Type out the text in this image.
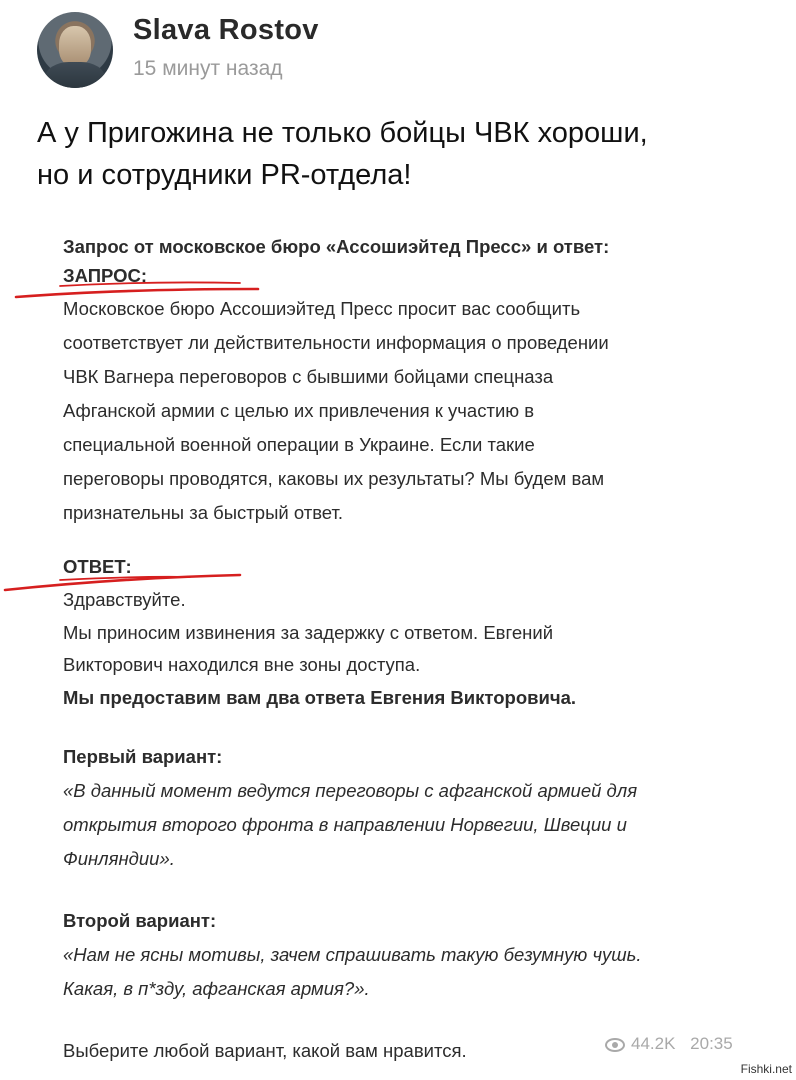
Slava Rostov
15 минут назад
А у Пригожина не только бойцы ЧВК хороши,
но и сотрудники PR-отдела!
Запрос от московское бюро «Ассошиэйтед Пресс» и ответ:
ЗАПРОС:
Московское бюро Ассошиэйтед Пресс просит вас сообщить
соответствует ли действительности информация о проведении
ЧВК Вагнера переговоров с бывшими бойцами спецназа
Афганской армии с целью их привлечения к участию в
специальной военной операции в Украине. Если такие
переговоры проводятся, каковы их результаты? Мы будем вам
признательны за быстрый ответ.
ОТВЕТ:
Здравствуйте.
Мы приносим извинения за задержку с ответом. Евгений
Викторович находился вне зоны доступа.
Мы предоставим вам два ответа Евгения Викторовича.
Первый вариант:
«В данный момент ведутся переговоры с афганской армией для
открытия второго фронта в направлении Норвегии, Швеции и
Финляндии».
Второй вариант:
«Нам не ясны мотивы, зачем спрашивать такую безумную чушь.
Какая, в п*зду, афганская армия?».
Выберите любой вариант, какой вам нравится.	44.2K 20:35
Fishki.net
